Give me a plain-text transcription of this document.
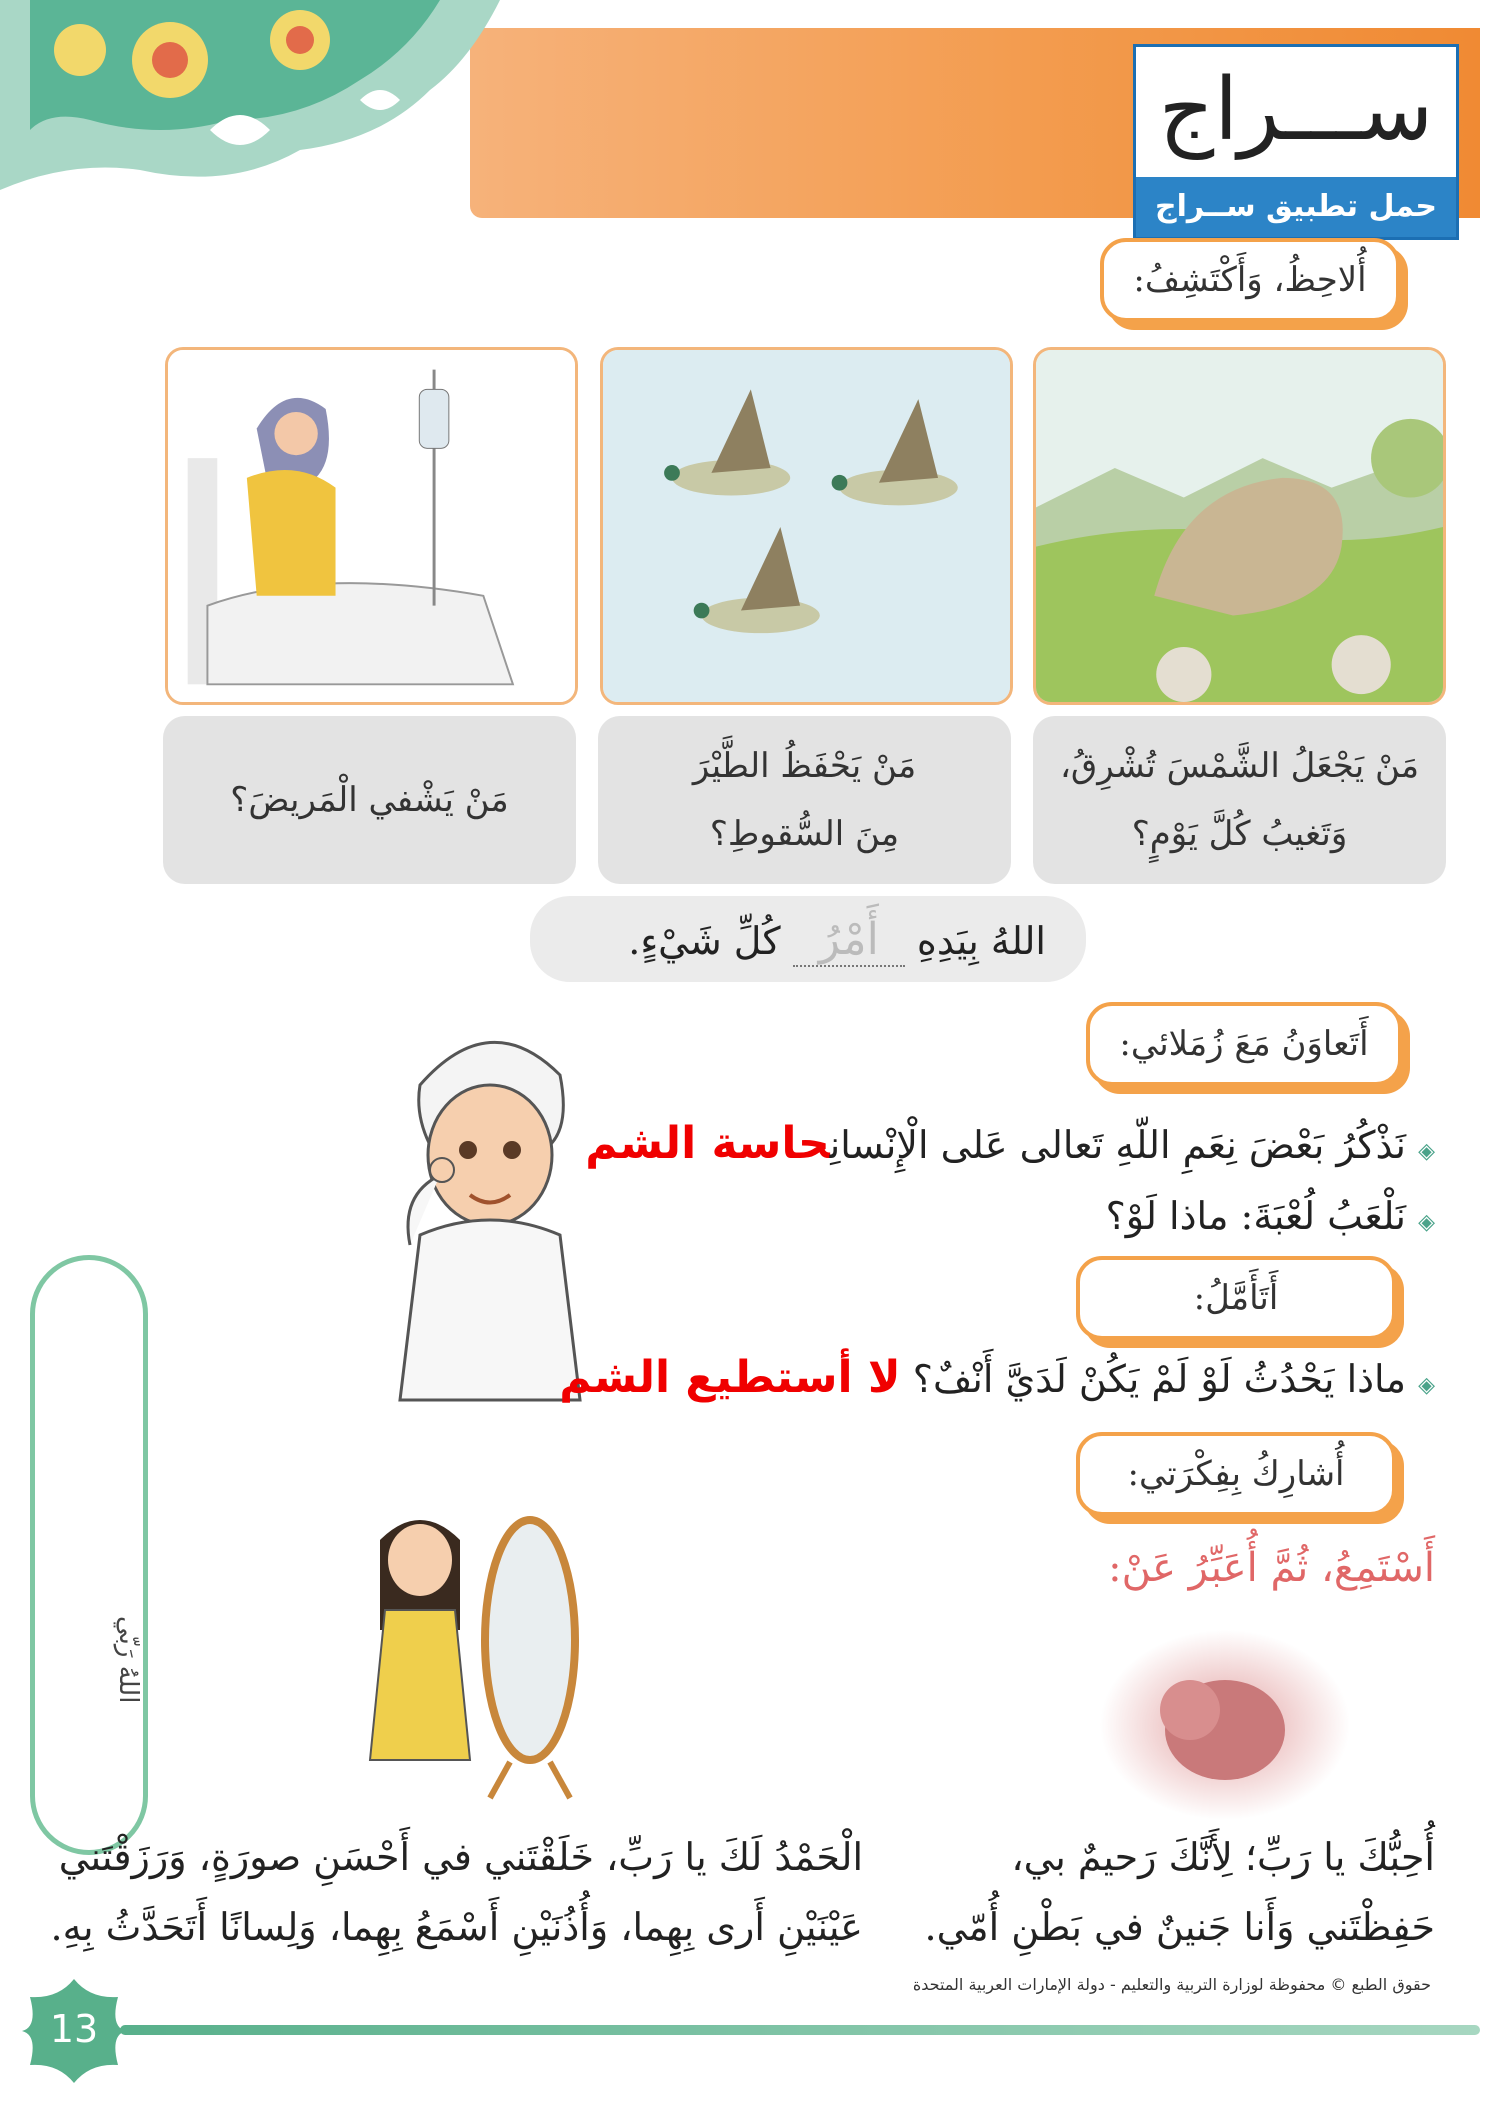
ســـراج
حمل تطبيق ســراج
أُلاحِظُ، وَأَكْتَشِفُ:
مَنْ يَجْعَلُ الشَّمْسَ تُشْرِقُ،
وَتَغيبُ كُلَّ يَوْمٍ؟
مَنْ يَحْفَظُ الطَّيْرَ
مِنَ السُّقوطِ؟
مَنْ يَشْفي الْمَريضَ؟
اللهُ بِيَدِهِ أَمْرُ كُلِّ شَيْءٍ.
أَتَعاوَنُ مَعَ زُمَلائي:
◈ نَذْكُرُ بَعْضَ نِعَمِ اللّهِ تَعالى عَلى الْإِنْسانِحاسة الشم
◈ نَلْعَبُ لُعْبَةَ: ماذا لَوْ؟
أَتَأَمَّلُ:
◈ ماذا يَحْدُثُ لَوْ لَمْ يَكُنْ لَدَيَّ أَنْفٌ؟ لا أستطيع الشم
أُشارِكُ بِفِكْرَتي:
أَسْتَمِعُ، ثُمَّ أُعَبِّرُ عَنْ:
اللهُ رَبّي
أُحِبُّكَ يا رَبِّ؛ لِأَنَّكَ رَحيمٌ بي،
حَفِظْتَني وَأَنا جَنينٌ في بَطْنِ أُمّي.
الْحَمْدُ لَكَ يا رَبِّ، خَلَقْتَني في أَحْسَنِ صورَةٍ، وَرَزَقْتَني
عَيْنَيْنِ أَرى بِهِما، وَأُذُنَيْنِ أَسْمَعُ بِهِما، وَلِسانًا أَتَحَدَّثُ بِهِ.
حقوق الطبع © محفوظة لوزارة التربية والتعليم - دولة الإمارات العربية المتحدة
13
